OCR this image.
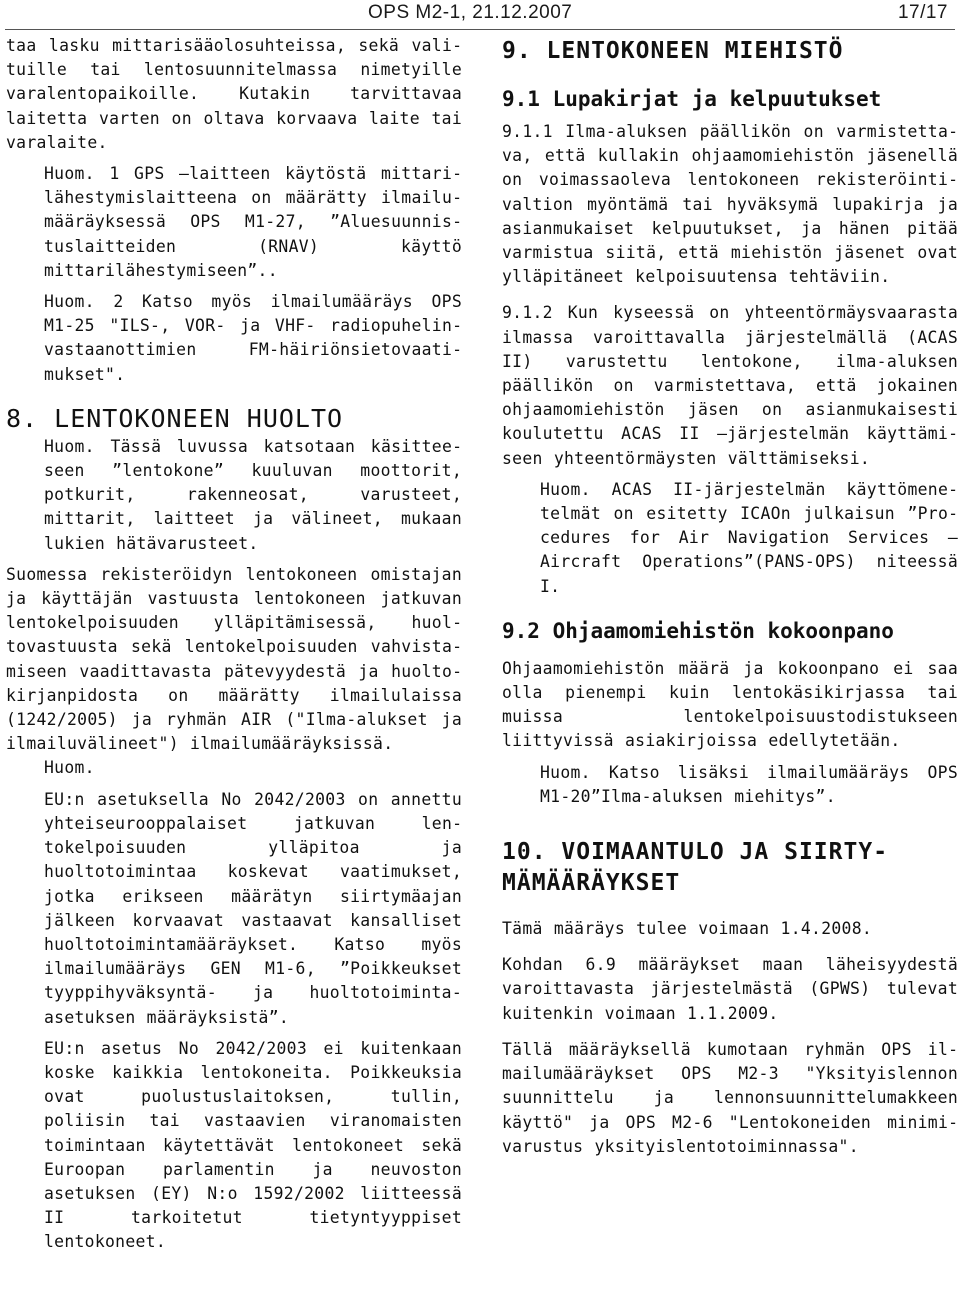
OPS M2-1, 21.12.2007	17/17

taa lasku mittarisääolosuhteissa, sekä valituille tai lentosuunnitelmassa nimetyille varalentopaikoille. Kutakin tarvittavaa laitetta varten on oltava korvaava laite tai varalaite.

Huom. 1 GPS –laitteen käytöstä mittarilähestymislaitteena on määrätty ilmailumääräyksessä OPS M1-27, ”Aluesuunnistuslaitteiden (RNAV) käyttö mittarilähestymiseen”..

Huom. 2 Katso myös ilmailumääräys OPS M1-25 "ILS-, VOR- ja VHF- radiopuhelinvastaanottimien FM-häiriönsietovaatimukset".

8. LENTOKONEEN HUOLTO

Huom. Tässä luvussa katsotaan käsitteeseen ”lentokone” kuuluvan moottorit, potkurit, rakenneosat, varusteet, mittarit, laitteet ja välineet, mukaan lukien hätävarusteet.

Suomessa rekisteröidyn lentokoneen omistajan ja käyttäjän vastuusta lentokoneen jatkuvan lentokelpoisuuden ylläpitämisessä, huoltovastuusta sekä lentokelpoisuuden vahvistamiseen vaadittavasta pätevyydestä ja huoltokirjanpidosta on määrätty ilmailulaissa (1242/2005) ja ryhmän AIR ("Ilma-alukset ja ilmailuvälineet") ilmailumääräyksissä.

Huom.

EU:n asetuksella No 2042/2003 on annettu yhteiseurooppalaiset jatkuvan lentokelpoisuuden ylläpitoa ja huoltotoimintaa koskevat vaatimukset, jotka erikseen määrätyn siirtymäajan jälkeen korvaavat vastaavat kansalliset huoltotoimintamääräykset. Katso myös ilmailumääräys GEN M1-6, ”Poikkeukset tyyppihyväksyntä- ja huoltotoiminta-asetuksen määräyksistä”.

EU:n asetus No 2042/2003 ei kuitenkaan koske kaikkia lentokoneita. Poikkeuksia ovat puolustuslaitoksen, tullin, poliisin tai vastaavien viranomaisten toimintaan käytettävät lentokoneet sekä Euroopan parlamentin ja neuvoston asetuksen (EY) N:o 1592/2002 liitteessä II tarkoitetut tietyntyyppiset lentokoneet.

9. LENTOKONEEN MIEHISTÖ
9.1 Lupakirjat ja kelpuutukset

9.1.1 Ilma-aluksen päällikön on varmistettava, että kullakin ohjaamomiehistön jäsenellä on voimassaoleva lentokoneen rekisteröintivaltion myöntämä tai hyväksymä lupakirja ja asianmukaiset kelpuutukset, ja hänen pitää varmistua siitä, että miehistön jäsenet ovat ylläpitäneet kelpoisuutensa tehtäviin.

9.1.2 Kun kyseessä on yhteentörmäysvaarasta ilmassa varoittavalla järjestelmällä (ACAS II) varustettu lentokone, ilma-aluksen päällikön on varmistettava, että jokainen ohjaamomiehistön jäsen on asianmukaisesti koulutettu ACAS II –järjestelmän käyttämiseen yhteentörmäysten välttämiseksi.

Huom. ACAS II-järjestelmän käyttömenetelmät on esitetty ICAOn julkaisun ”Procedures for Air Navigation Services – Aircraft Operations”(PANS-OPS) niteessä I.

9.2 Ohjaamomiehistön kokoonpano

Ohjaamomiehistön määrä ja kokoonpano ei saa olla pienempi kuin lentokäsikirjassa tai muissa lentokelpoisuustodistukseen liittyvissä asiakirjoissa edellytetään.

Huom. Katso lisäksi ilmailumääräys OPS M1-20”Ilma-aluksen miehitys”.

10. VOIMAANTULO JA SIIRTYMÄMÄÄRÄYKSET

Tämä määräys tulee voimaan 1.4.2008.

Kohdan 6.9 määräykset maan läheisyydestä varoittavasta järjestelmästä (GPWS) tulevat kuitenkin voimaan 1.1.2009.

Tällä määräyksellä kumotaan ryhmän OPS ilmailumääräykset OPS M2-3 "Yksityislennon suunnittelu ja lennonsuunnittelumakkeen käyttö" ja OPS M2-6 "Lentokoneiden minimivarustus yksityislentotoiminnassa".
